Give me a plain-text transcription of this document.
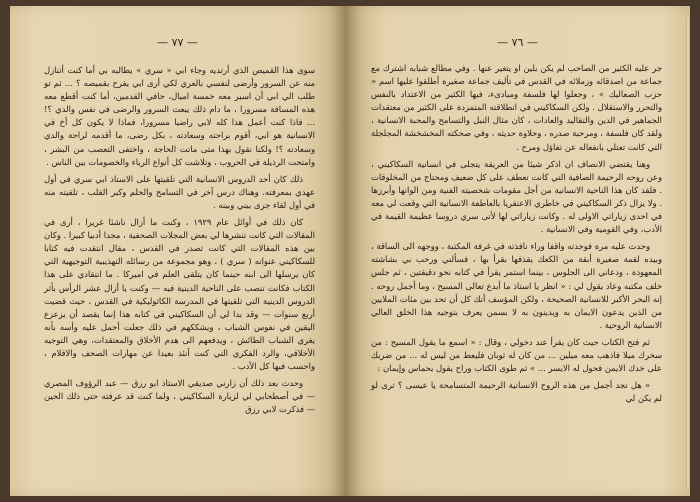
— ٧٧ —

سوى هذا القميص الذي أرتديه وجاء ابي « سري » يطالبه بي أما كنت أتنازل منه عن السرور وأرضى لنفسي بالعري لكي أرى ابي يفرح بقميصه ؟ ... ثم تو طلب الي ابي أن اسير معه خمسة اميال، حافي القدمين، أما كنت أقطع معه هذه المسافة مسرورا ، ما دام ذلك يبعث السرور والرضى في نفس والدي ؟! ... فاذا كنت أعمل هذا كله لابي راضيا مسرورا، فماذا لا يكون كل أخ في الانسانية هو ابي، أقوم براحته وسعادته ، بكل رضى، ما أقدمه لراحة والدي وسعادته ؟! ولكنا نقول بهذا متى ماتت الحاجة ، واختفى التعصب من البشر ، وامتحت الرذيلة في الحروب ، وتلاشت كل أنواع الرياء والخصومات بين الناس .

ذلك كان أحد الدروس الانسانية التي تلقيتها على الاستاذ ابي سري في أول عهدي بمعرفته. وهناك درس آخر في التسامح والحلم وكبر القلب ، تلقيته منه في أول لقاء جرى بيني وبينه .

كان ذلك في أوائل عام ١٩٢٩ ، وكنت ما أزال ناشئا غريرا ، أرى في المقالات التي كانت تنشرها لي بعض المجلات الصحفية ، مجدا أدبيا كبيرا . وكان بين هذه المقالات التي كانت تصدر في القدس ، مقال انتقدت فيه كتابا للسكاكيني عنوانه ( سري ) ، وهو مجموعة من رسائله التهذيبية التوجيهية التي كان يرسلها الى ابنه حينما كان يتلقى العلم في اميركا . ما انتقادي على هذا الكتاب فكانت تنصب على الناحية الدينية فيه — وكنت يا أزال عشر الرأس بأثر الدروس الدينية التي تلقيتها في المدرسة الكاثوليكية في القدس ، حيث قضيت أربع سنوات — وقد بدا لي أن السكاكيني في كتابه هذا إنما يقصد أن يزعزع اليقين في نفوس الشباب ، ويشككهم في ذلك جعلت أحمل عليه وأسه بأنه يغري الشباب الطائش ، ويدفعهم الى هدم الأخلاق والمعتقدات، وهي التوجيه الأخلاقي، والرد الفكري التي كنت آنئذ بعيدا عن مهارات الصحف والاقلام ، واحسب فيها كل الأدب .

وحدث بعد ذلك أن زارني صديقي الاستاذ ابو رزق — عبد الرؤوف المصري — في أصطحابي لي لزيارة السكاكيني ، ولما كنت قد عرفته حتى ذلك الحين — فذكرت لابي رزق

— ٧٦ —

جر عليه الكثير من الصاحب لم يكن يلين او يتغير عنها . وفي مطالع شبابه اشترك مع جماعة من اصدقائه وزملائه في القدس في تأليف جماعة صغيرة أطلقوا عليها اسم « حزب الصعاليك » ، وجعلوا لها فلسفة ومبادىء، فيها الكثير من الاعتداد بالنفس والتحرر والاستقلال . ولكن السكاكيني في انطلاقته المتمردة على الكثير من معتقدات الجماهير في الدين والتقاليد والعادات ، كان مثال النبل والتسامح والمحبة الانسانية ، ولقد كان فلسفة ، ومرحبة صدره ، وحلاوة حديثه ، وفي صحكته المخشخشة المجلجلة التي كانت تعتلي بانفعاله عن تفاؤل ومرح .

وهنا يقتضي الانصاف ان اذكر شيئا من العريقة يتجلى في انسانية السكاكيني ، وعن روحه الرحيمة الصافية التي كانت تعطف على كل ضعيف ومحتاج من المخلوقات . فلقد كان هذا الناحية الانسانية من أجل مقومات شخصيته الفنية ومن الوانها وأبرزها . ولا يزال ذكر السكاكيني في خاطري الاعتقريا بالعاطفة الانسانية التي وقعت لي معه في احدى زياراتي الاولى له . وكانت زياراتي لها لأتى سري دروسا عظيمة القيمة في الأدب، وفي القومية وفي الانسانية .

وحدث عليه مرة فوجدته واقفا وراء نافذته في غرفة المكتبة ، ووجهه الى الساقة ، وبيده لقمة صغيرة أبقة من الكعك يقذفها بقرأ بها ، فسألني ورحب بي بشاشته المعهودة ، ودعاني الى الجلوس ، بينما استمر يقرأ في كتابه نحو دقيقتين ، ثم جلس خلف مكتبه وعاد يقول لي : « انظر يا استاذ ما أبدع تعالى المسيح ، وما أجمل روحه . إنه البحر الأكبر للانسانية الصحيحة ، ولكن المؤسف أنك كل أن تحد بين مئات الملايين من الذين يدعون الايمان به ويدينون به لا بسمن يعرف بتوجيه هذا الخلق العالي الانسانية الروحية .

ثم فتح الكتاب حيث كان يقرأ عند دخولي ، وقال : « اسمع ما يقول المسيح : من سخرك ميلا فاذهب معه ميلين ... من كان له ثوبان فليعط من ليس له ... من ضربك على خدك الايمن فحول له الايسر ... » ثم طوى الكتاب وراح يقول بحماس وإيمان :

« هل تجد أجمل من هذه الروح الانسانية الرحيمة المتسامحة يا عيسى ؟ ترى لو لم يكن لي
